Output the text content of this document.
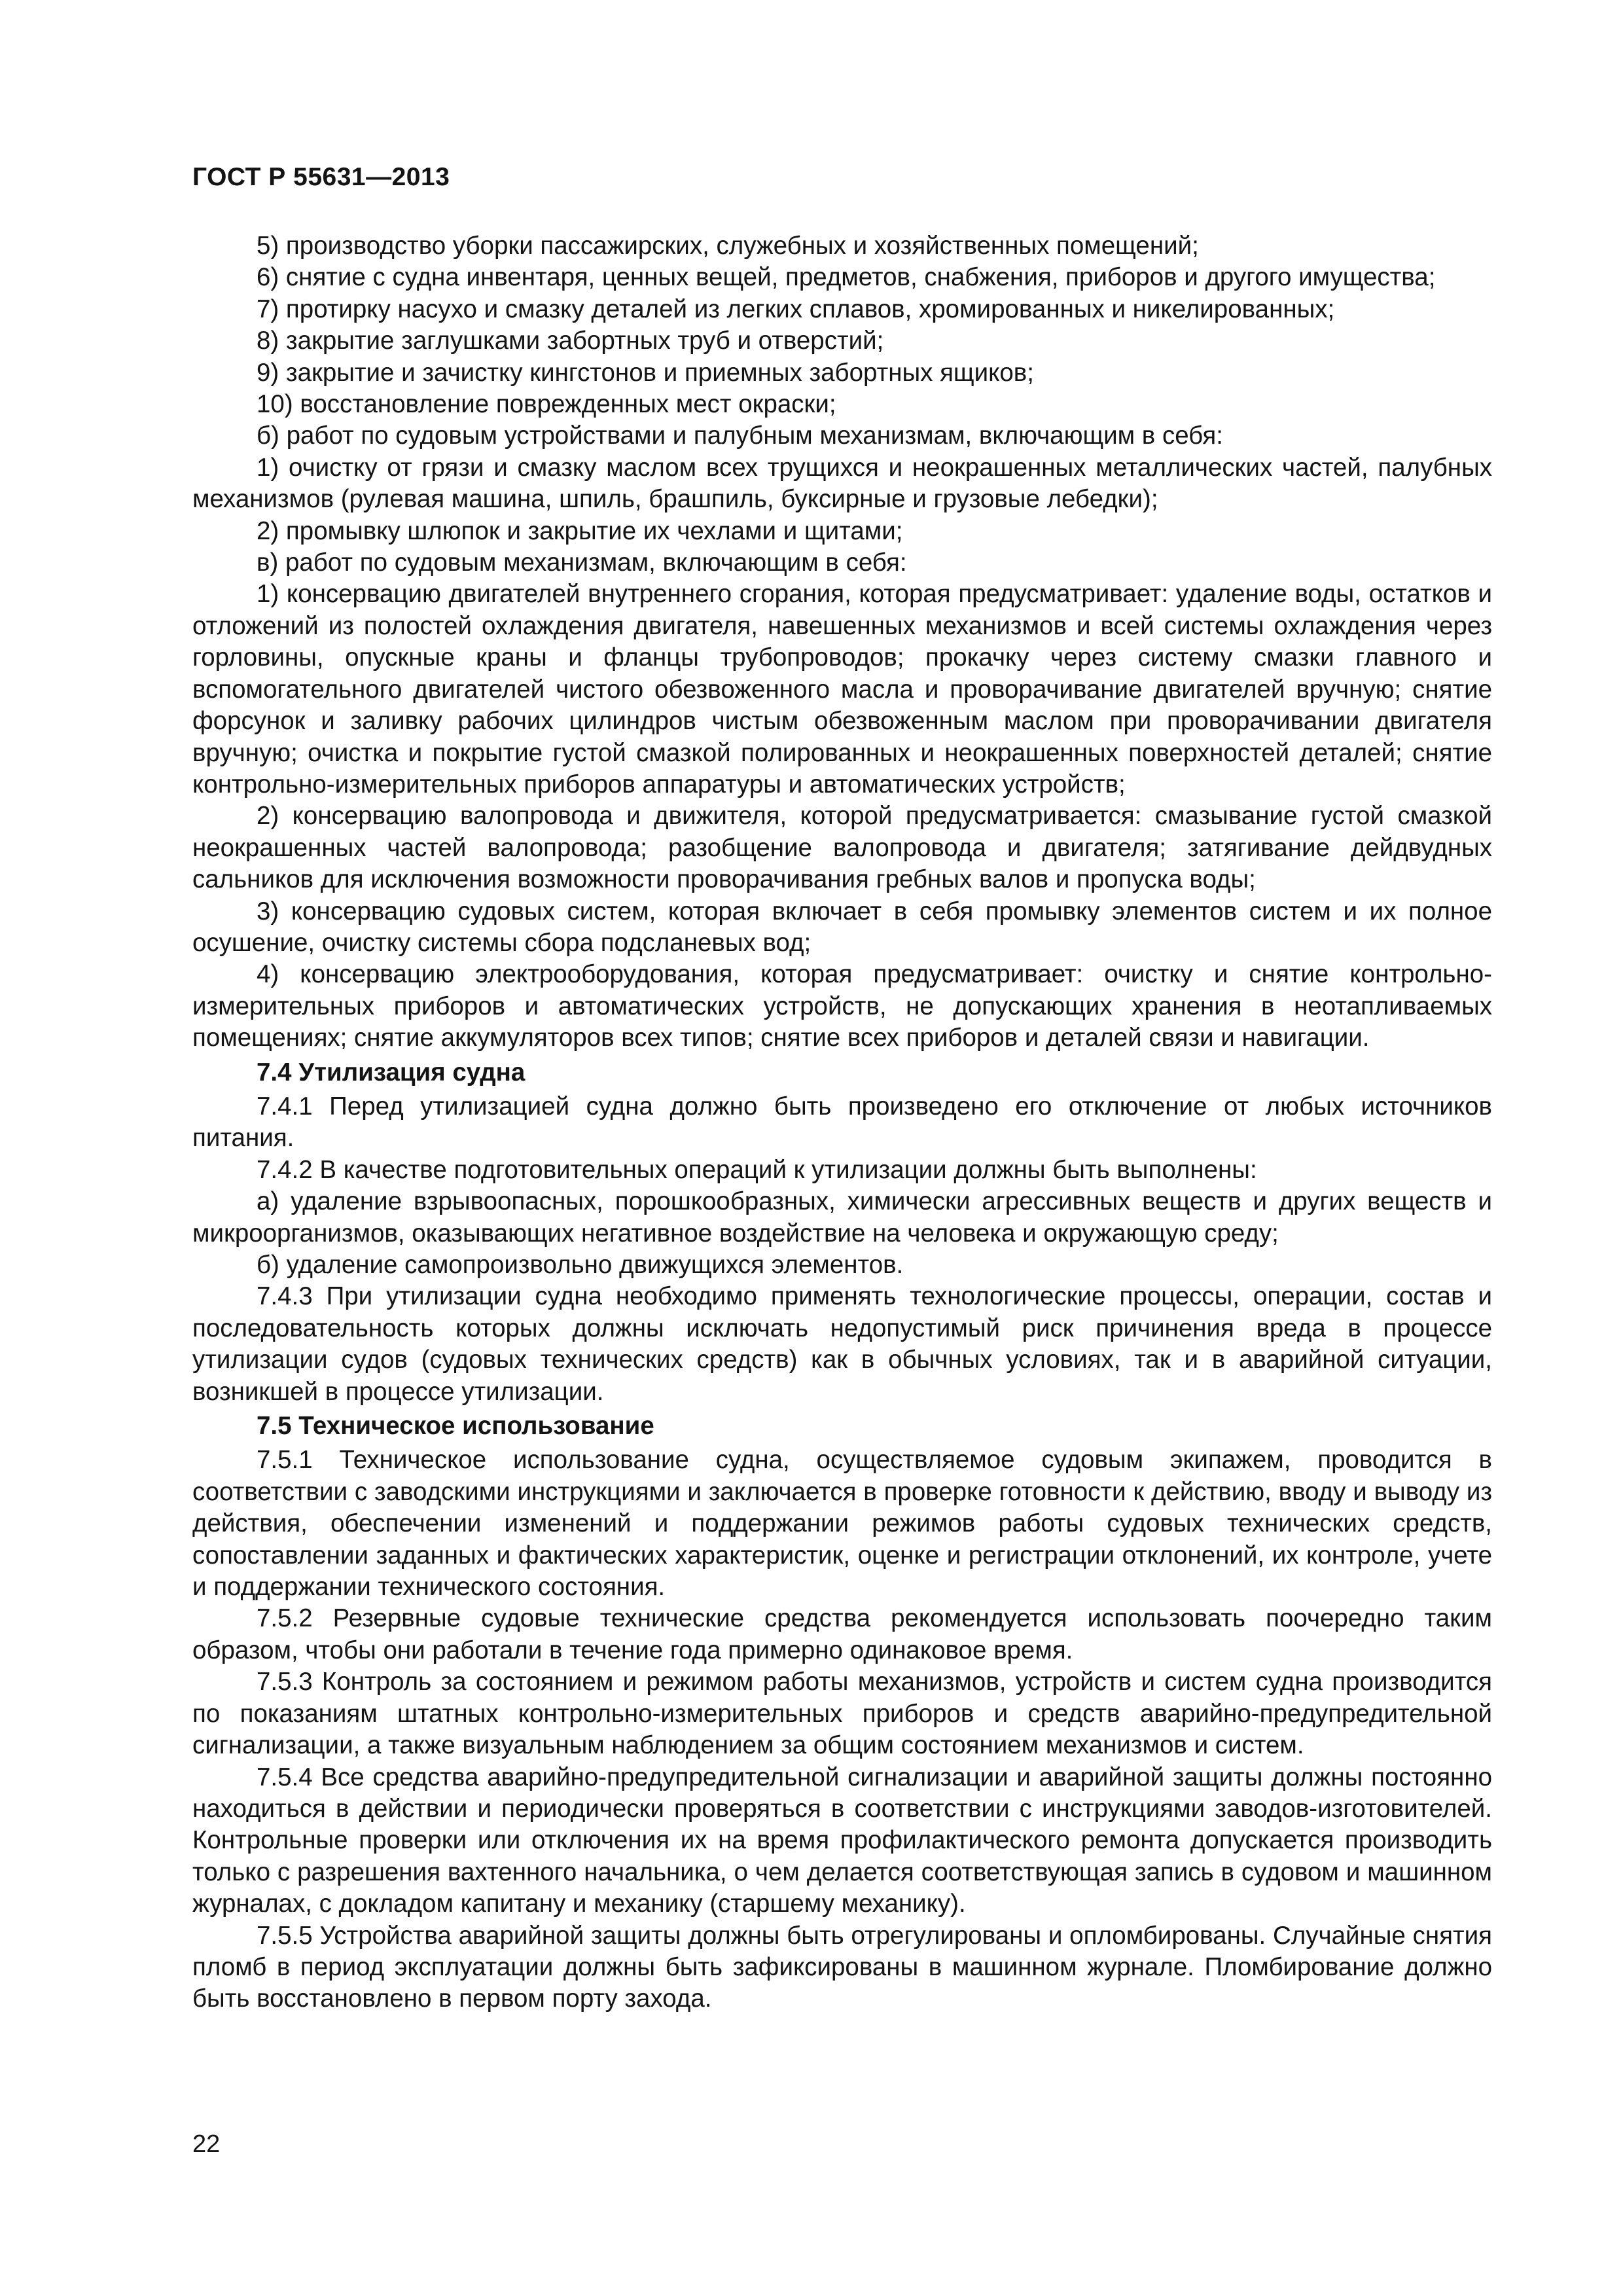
ГОСТ Р 55631—2013

5) производство уборки пассажирских, служебных и хозяйственных помещений;

6) снятие с судна инвентаря, ценных вещей, предметов, снабжения, приборов и другого имущества;

7) протирку насухо и смазку деталей из легких сплавов, хромированных и никелированных;

8) закрытие заглушками забортных труб и отверстий;

9) закрытие и зачистку кингстонов и приемных забортных ящиков;

10) восстановление поврежденных мест окраски;

б) работ по судовым устройствами и палубным механизмам, включающим в себя:

1) очистку от грязи и смазку маслом всех трущихся и неокрашенных металлических частей, палубных механизмов (рулевая машина, шпиль, брашпиль, буксирные и грузовые лебедки);

2) промывку шлюпок и закрытие их чехлами и щитами;

в) работ по судовым механизмам, включающим в себя:

1) консервацию двигателей внутреннего сгорания, которая предусматривает: удаление воды, остатков и отложений из полостей охлаждения двигателя, навешенных механизмов и всей системы охлаждения через горловины, опускные краны и фланцы трубопроводов; прокачку через систему смазки главного и вспомогательного двигателей чистого обезвоженного масла и проворачивание двигателей вручную; снятие форсунок и заливку рабочих цилиндров чистым обезвоженным маслом при проворачивании двигателя вручную; очистка и покрытие густой смазкой полированных и неокрашенных поверхностей деталей; снятие контрольно-измерительных приборов аппаратуры и автоматических устройств;

2) консервацию валопровода и движителя, которой предусматривается: смазывание густой смазкой неокрашенных частей валопровода; разобщение валопровода и двигателя; затягивание дейдвудных сальников для исключения возможности проворачивания гребных валов и пропуска воды;

3) консервацию судовых систем, которая включает в себя промывку элементов систем и их полное осушение, очистку системы сбора подсланевых вод;

4) консервацию электрооборудования, которая предусматривает: очистку и снятие контрольно-измерительных приборов и автоматических устройств, не допускающих хранения в неотапливаемых помещениях; снятие аккумуляторов всех типов; снятие всех приборов и деталей связи и навигации.

7.4 Утилизация судна

7.4.1 Перед утилизацией судна должно быть произведено его отключение от любых источников питания.

7.4.2 В качестве подготовительных операций к утилизации должны быть выполнены:

а) удаление взрывоопасных, порошкообразных, химически агрессивных веществ и других веществ и микроорганизмов, оказывающих негативное воздействие на человека и окружающую среду;

б) удаление самопроизвольно движущихся элементов.

7.4.3 При утилизации судна необходимо применять технологические процессы, операции, состав и последовательность которых должны исключать недопустимый риск причинения вреда в процессе утилизации судов (судовых технических средств) как в обычных условиях, так и в аварийной ситуации, возникшей в процессе утилизации.

7.5 Техническое использование

7.5.1 Техническое использование судна, осуществляемое судовым экипажем, проводится в соответствии с заводскими инструкциями и заключается в проверке готовности к действию, вводу и выводу из действия, обеспечении изменений и поддержании режимов работы судовых технических средств, сопоставлении заданных и фактических характеристик, оценке и регистрации отклонений, их контроле, учете и поддержании технического состояния.

7.5.2 Резервные судовые технические средства рекомендуется использовать поочередно таким образом, чтобы они работали в течение года примерно одинаковое время.

7.5.3 Контроль за состоянием и режимом работы механизмов, устройств и систем судна производится по показаниям штатных контрольно-измерительных приборов и средств аварийно-предупредительной сигнализации, а также визуальным наблюдением за общим состоянием механизмов и систем.

7.5.4 Все средства аварийно-предупредительной сигнализации и аварийной защиты должны постоянно находиться в действии и периодически проверяться в соответствии с инструкциями заводов-изготовителей. Контрольные проверки или отключения их на время профилактического ремонта допускается производить только с разрешения вахтенного начальника, о чем делается соответствующая запись в судовом и машинном журналах, с докладом капитану и механику (старшему механику).

7.5.5 Устройства аварийной защиты должны быть отрегулированы и опломбированы. Случайные снятия пломб в период эксплуатации должны быть зафиксированы в машинном журнале. Пломбирование должно быть восстановлено в первом порту захода.

22
